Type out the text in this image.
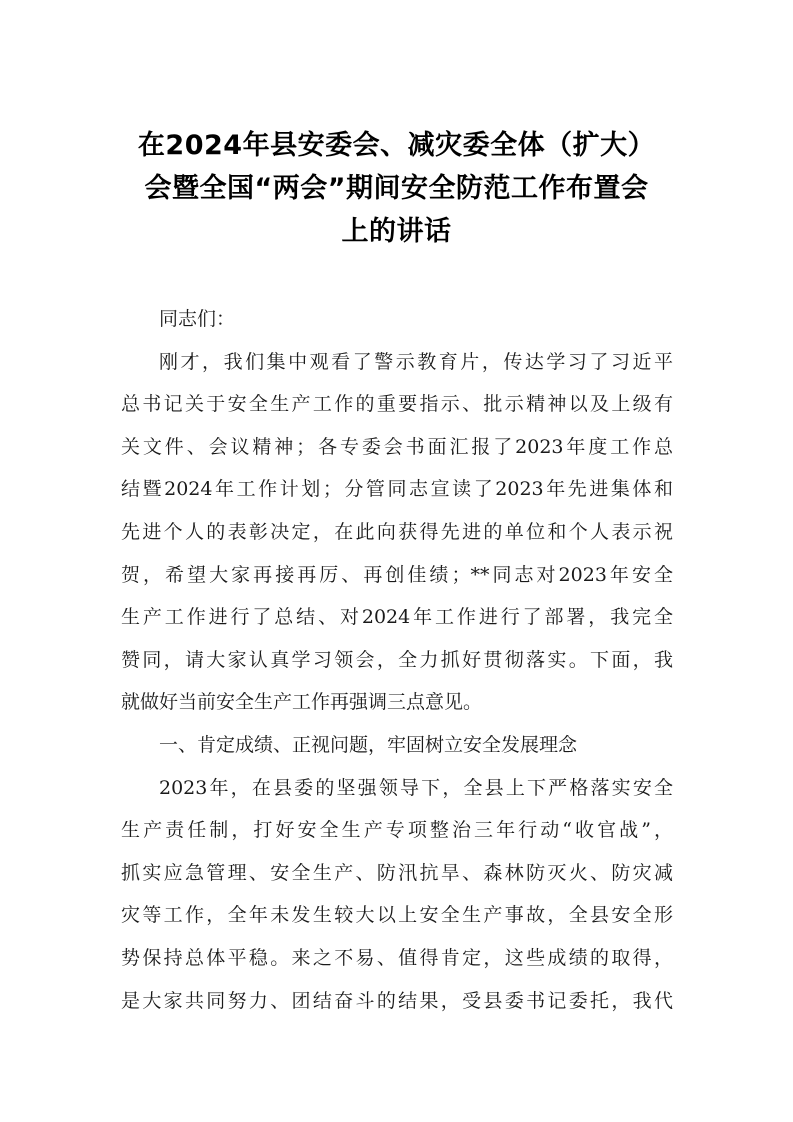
在2024年县安委会、减灾委全体（扩大）
会暨全国“两会”期间安全防范工作布置会
上的讲话
同志们：
刚才，我们集中观看了警示教育片，传达学习了习近平
总书记关于安全生产工作的重要指示、批示精神以及上级有
关文件、会议精神；各专委会书面汇报了2023年度工作总
结暨2024年工作计划；分管同志宣读了2023年先进集体和
先进个人的表彰决定，在此向获得先进的单位和个人表示祝
贺，希望大家再接再厉、再创佳绩；**同志对2023年安全
生产工作进行了总结、对2024年工作进行了部署，我完全
赞同，请大家认真学习领会，全力抓好贯彻落实。下面，我
就做好当前安全生产工作再强调三点意见。
一、肯定成绩、正视问题，牢固树立安全发展理念
2023年，在县委的坚强领导下，全县上下严格落实安全
生产责任制，打好安全生产专项整治三年行动“收官战”，
抓实应急管理、安全生产、防汛抗旱、森林防灭火、防灾减
灾等工作，全年未发生较大以上安全生产事故，全县安全形
势保持总体平稳。来之不易、值得肯定，这些成绩的取得，
是大家共同努力、团结奋斗的结果，受县委书记委托，我代
